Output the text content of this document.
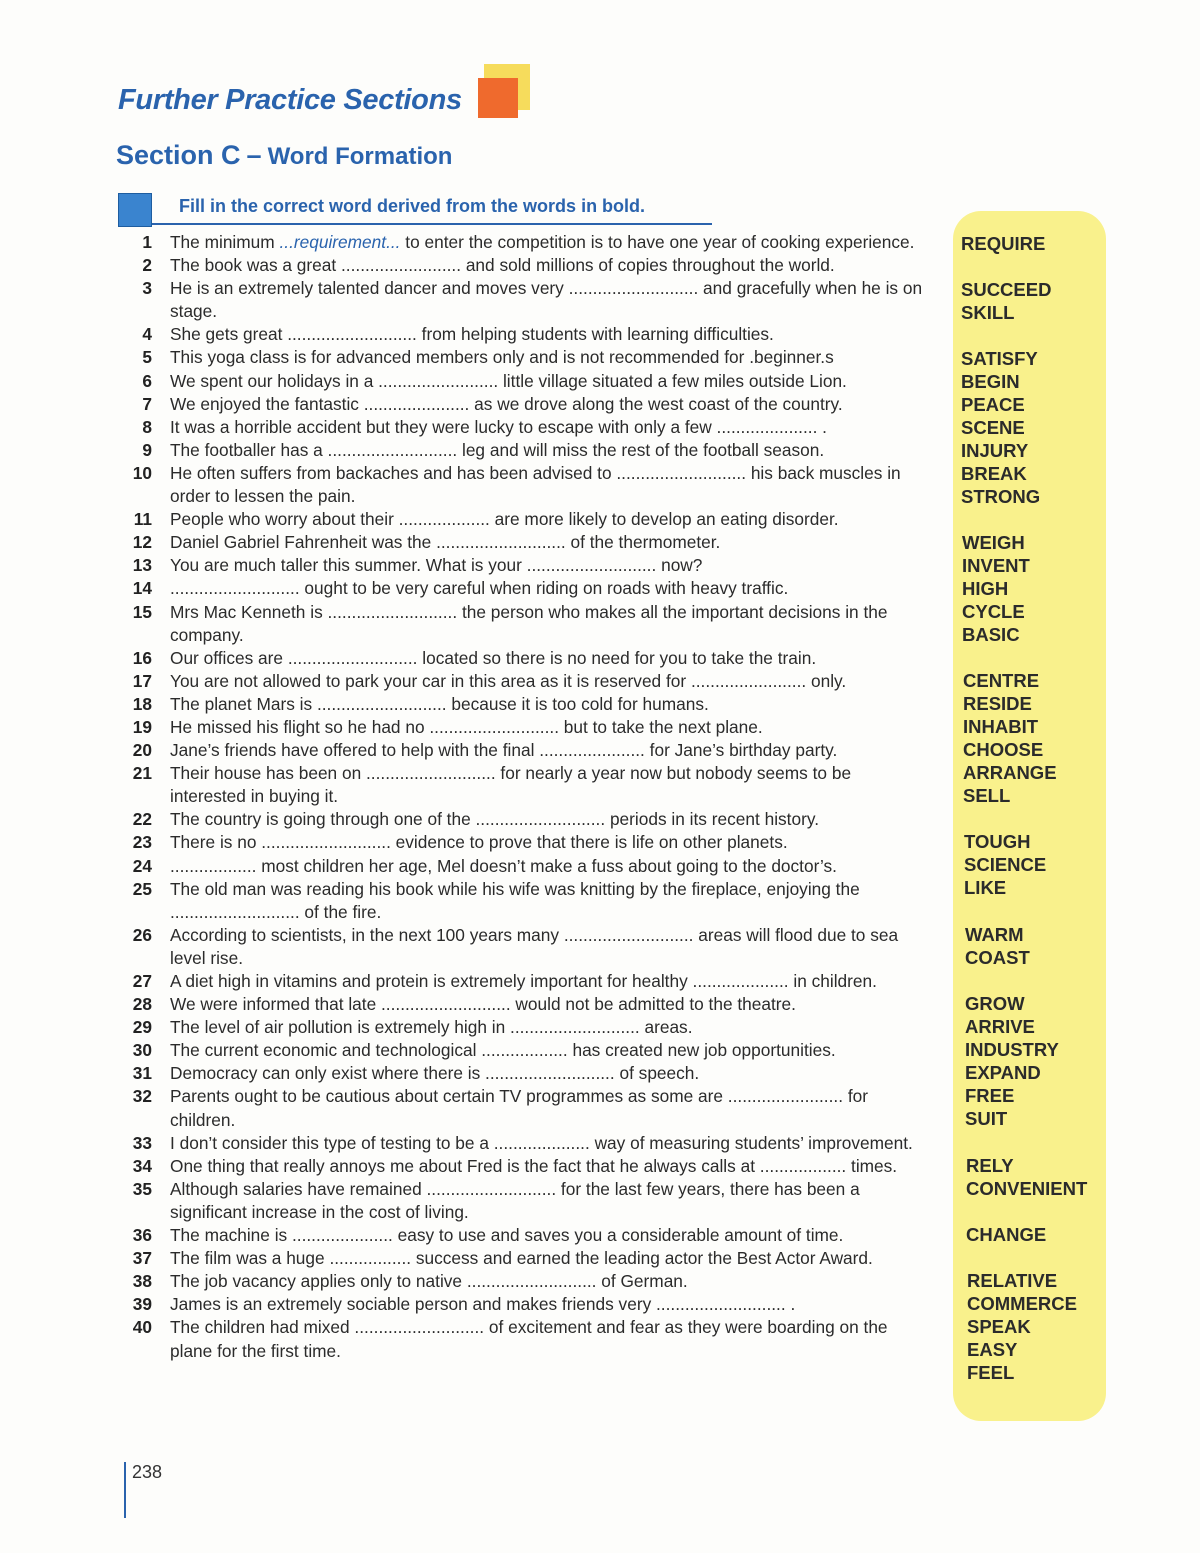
Further Practice Sections
Section C – Word Formation
Fill in the correct word derived from the words in bold.
1 The minimum ...requirement... to enter the competition is to have one year of cooking experience.
2 The book was a great ......................... and sold millions of copies throughout the world.
3 He is an extremely talented dancer and moves very ........................... and gracefully when he is on stage.
4 She gets great ........................... from helping students with learning difficulties.
5 This yoga class is for advanced members only and is not recommended for .beginner.s
6 We spent our holidays in a ......................... little village situated a few miles outside Lion.
7 We enjoyed the fantastic ...................... as we drove along the west coast of the country.
8 It was a horrible accident but they were lucky to escape with only a few ..................... .
9 The footballer has a ........................... leg and will miss the rest of the football season.
10 He often suffers from backaches and has been advised to ........................... his back muscles in order to lessen the pain.
11 People who worry about their ................... are more likely to develop an eating disorder.
12 Daniel Gabriel Fahrenheit was the ........................... of the thermometer.
13 You are much taller this summer. What is your ........................... now?
14 ........................... ought to be very careful when riding on roads with heavy traffic.
15 Mrs Mac Kenneth is ........................... the person who makes all the important decisions in the company.
16 Our offices are ........................... located so there is no need for you to take the train.
17 You are not allowed to park your car in this area as it is reserved for ........................ only.
18 The planet Mars is ........................... because it is too cold for humans.
19 He missed his flight so he had no ........................... but to take the next plane.
20 Jane’s friends have offered to help with the final ...................... for Jane’s birthday party.
21 Their house has been on ........................... for nearly a year now but nobody seems to be interested in buying it.
22 The country is going through one of the ........................... periods in its recent history.
23 There is no ........................... evidence to prove that there is life on other planets.
24 .................. most children her age, Mel doesn’t make a fuss about going to the doctor’s.
25 The old man was reading his book while his wife was knitting by the fireplace, enjoying the ........................... of the fire.
26 According to scientists, in the next 100 years many ........................... areas will flood due to sea level rise.
27 A diet high in vitamins and protein is extremely important for healthy .................... in children.
28 We were informed that late ........................... would not be admitted to the theatre.
29 The level of air pollution is extremely high in ........................... areas.
30 The current economic and technological .................. has created new job opportunities.
31 Democracy can only exist where there is ........................... of speech.
32 Parents ought to be cautious about certain TV programmes as some are ........................ for children.
33 I don’t consider this type of testing to be a .................... way of measuring students’ improvement.
34 One thing that really annoys me about Fred is the fact that he always calls at .................. times.
35 Although salaries have remained ........................... for the last few years, there has been a significant increase in the cost of living.
36 The machine is ..................... easy to use and saves you a considerable amount of time.
37 The film was a huge ................. success and earned the leading actor the Best Actor Award.
38 The job vacancy applies only to native ........................... of German.
39 James is an extremely sociable person and makes friends very ........................... .
40 The children had mixed ........................... of excitement and fear as they were boarding on the plane for the first time.
REQUIRE
SUCCEED
SKILL
SATISFY
BEGIN
PEACE
SCENE
INJURY
BREAK
STRONG
WEIGH
INVENT
HIGH
CYCLE
BASIC
CENTRE
RESIDE
INHABIT
CHOOSE
ARRANGE
SELL
TOUGH
SCIENCE
LIKE
WARM
COAST
GROW
ARRIVE
INDUSTRY
EXPAND
FREE
SUIT
RELY
CONVENIENT
CHANGE
RELATIVE
COMMERCE
SPEAK
EASY
FEEL
238
